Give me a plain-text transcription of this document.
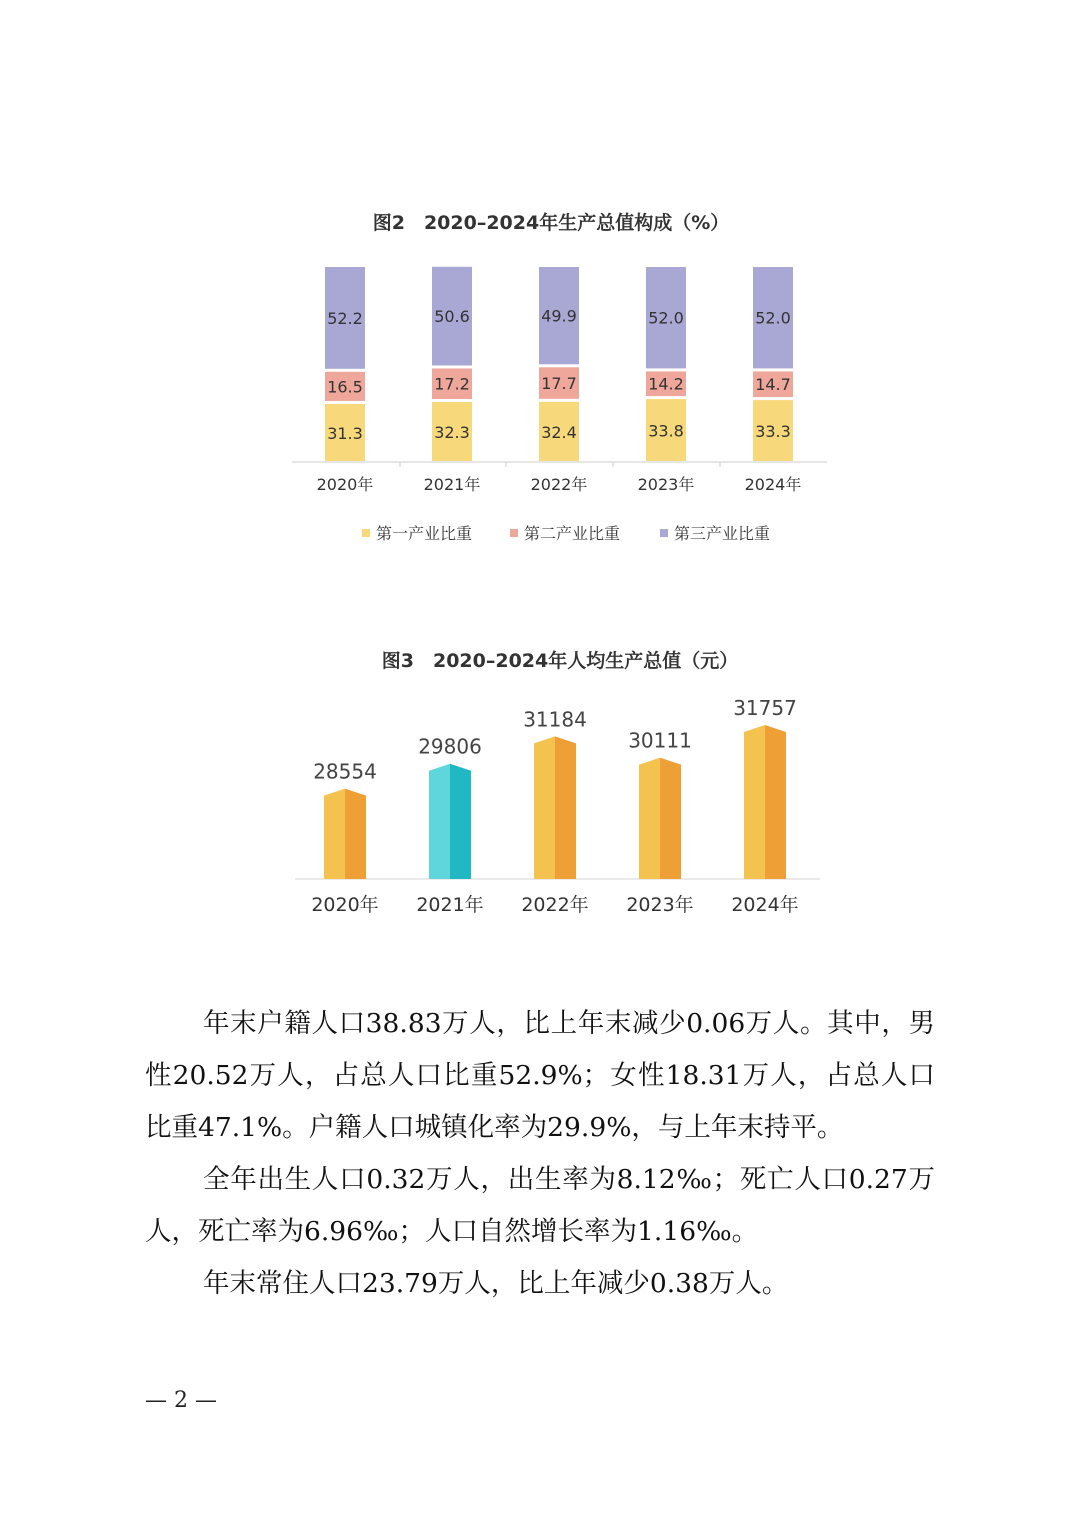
图2　2020–2024年生产总值构成（%）
31.3
16.5
52.2
2020年
32.3
17.2
50.6
2021年
32.4
17.7
49.9
2022年
33.8
14.2
52.0
2023年
33.3
14.7
52.0
2024年
第一产业比重	第二产业比重	第三产业比重
图3　2020–2024年人均生产总值（元）
28554
2020年
29806
2021年
31184
2022年
30111
2023年
31757
2024年

年末户籍人口38.83万人，比上年末减少0.06万人。其中，男性20.52万人，占总人口比重52.9%；女性18.31万人，占总人口比重47.1%。户籍人口城镇化率为29.9%，与上年末持平。

全年出生人口0.32万人，出生率为8.12‰；死亡人口0.27万人，死亡率为6.96‰；人口自然增长率为1.16‰。

年末常住人口23.79万人，比上年减少0.38万人。

— 2 —
